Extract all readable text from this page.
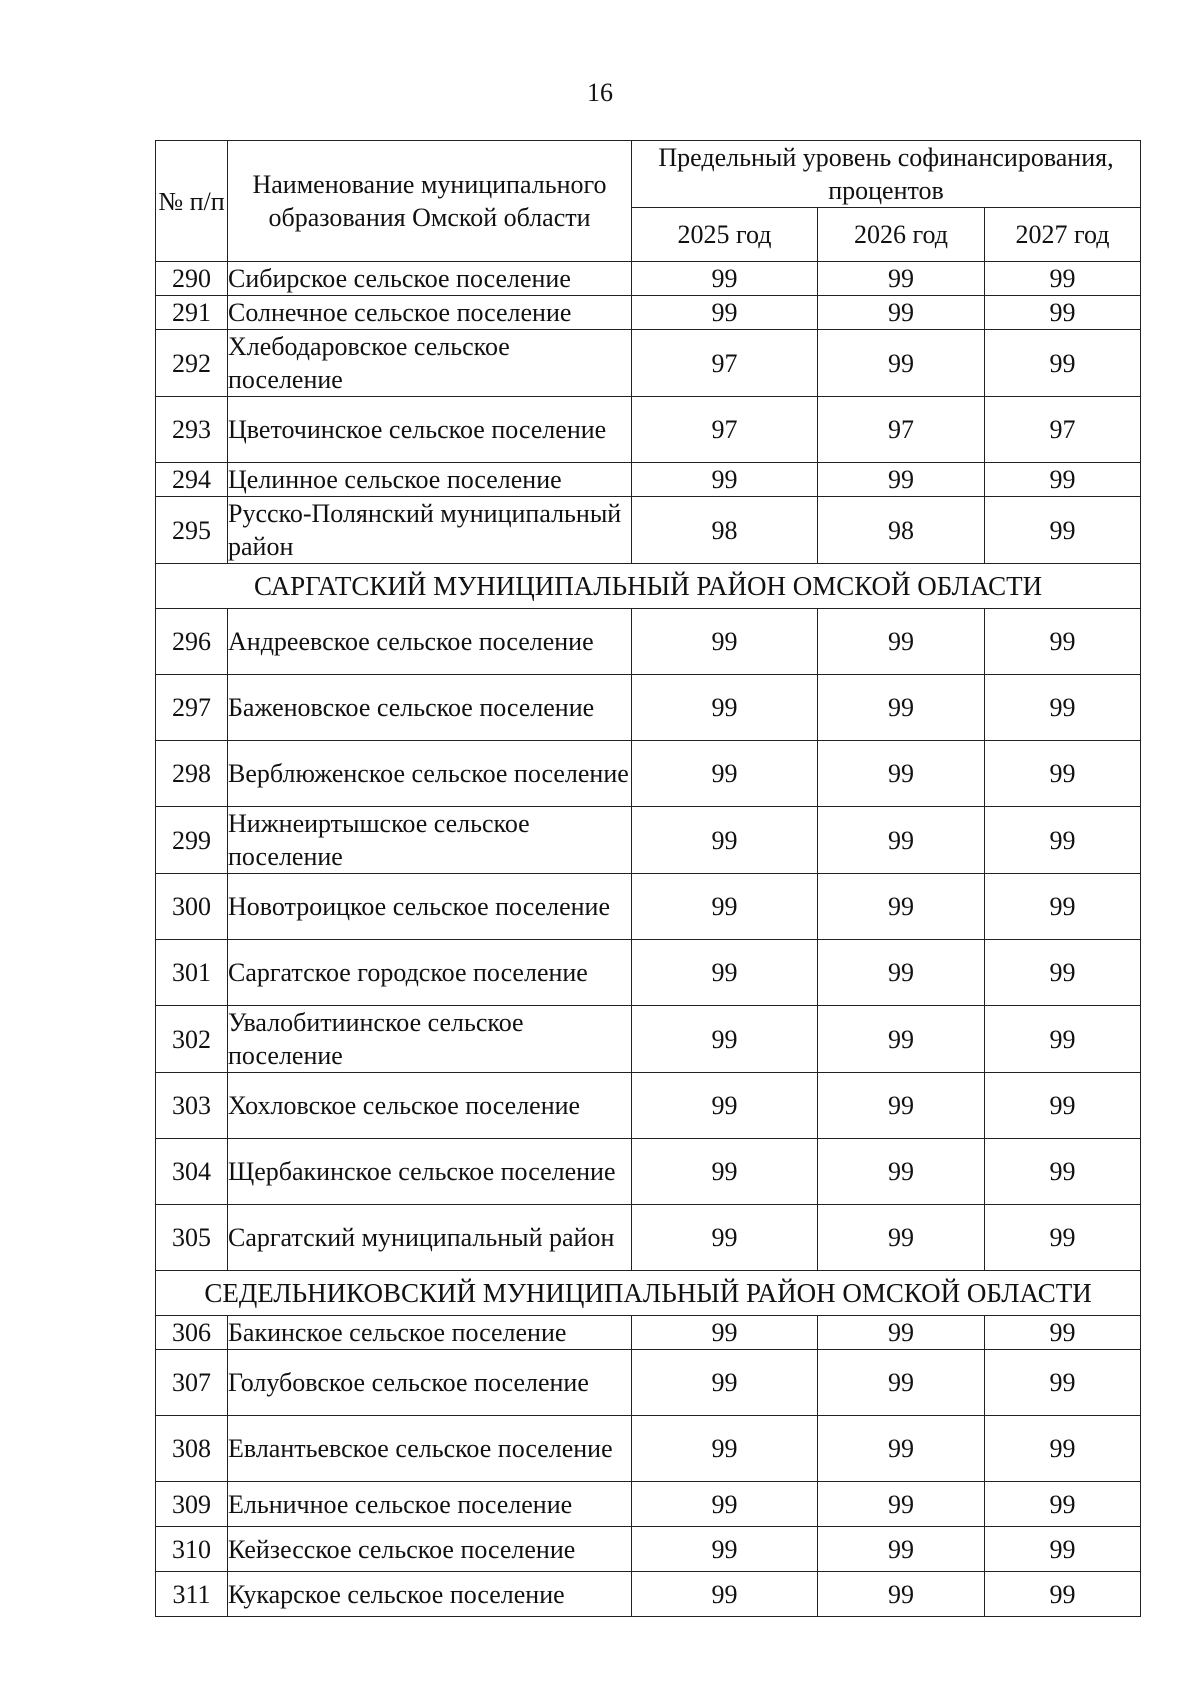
16
№ п/п	Наименование муниципального образования Омской области	Предельный уровень софинансирования, процентов		
		2025 год	2026 год	2027 год
290	Сибирское сельское поселение	99	99	99
291	Солнечное сельское поселение	99	99	99
292	Хлебодаровское сельское поселение	97	99	99
293	Цветочинское сельское поселение	97	97	97
294	Целинное сельское поселение	99	99	99
295	Русско-Полянский муниципальный район	98	98	99
САРГАТСКИЙ МУНИЦИПАЛЬНЫЙ РАЙОН ОМСКОЙ ОБЛАСТИ				
296	Андреевское сельское поселение	99	99	99
297	Баженовское сельское поселение	99	99	99
298	Верблюженское сельское поселение	99	99	99
299	Нижнеиртышское сельское поселение	99	99	99
300	Новотроицкое сельское поселение	99	99	99
301	Саргатское городское поселение	99	99	99
302	Увалобитиинское сельское поселение	99	99	99
303	Хохловское сельское поселение	99	99	99
304	Щербакинское сельское поселение	99	99	99
305	Саргатский муниципальный район	99	99	99
СЕДЕЛЬНИКОВСКИЙ МУНИЦИПАЛЬНЫЙ РАЙОН ОМСКОЙ ОБЛАСТИ				
306	Бакинское сельское поселение	99	99	99
307	Голубовское сельское поселение	99	99	99
308	Евлантьевское сельское поселение	99	99	99
309	Ельничное сельское поселение	99	99	99
310	Кейзесское сельское поселение	99	99	99
311	Кукарское сельское поселение	99	99	99
